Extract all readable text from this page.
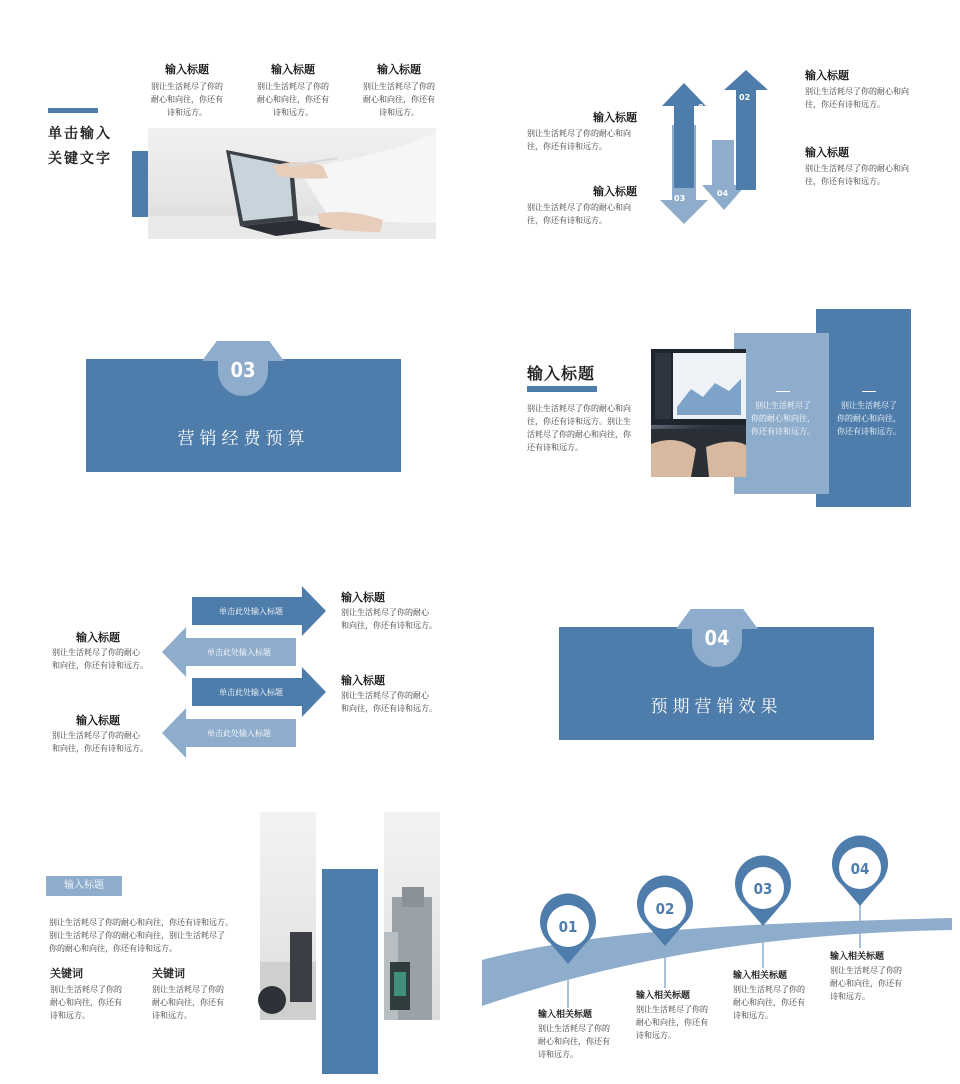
单击输入
关键文字
输入标题
别让生活耗尽了你的
耐心和向往，你还有
诗和远方。
输入标题
别让生活耗尽了你的
耐心和向往，你还有
诗和远方。
输入标题
别让生活耗尽了你的
耐心和向往，你还有
诗和远方。	输入标题
别让生活耗尽了你的耐心和向
往，你还有诗和远方。
输入标题
别让生活耗尽了你的耐心和向
往，你还有诗和远方。
输入标题
别让生活耗尽了你的耐心和向
往，你还有诗和远方。
输入标题
别让生活耗尽了你的耐心和向
往，你还有诗和远方。
01
02
03
04
03
营销经费预算
输入标题
别让生活耗尽了你的耐心和向
往，你还有诗和远方。别让生
活耗尽了你的耐心和向往，你
还有诗和远方。
别让生活耗尽了
你的耐心和向往，
你还有诗和远方。
别让生活耗尽了
你的耐心和向往，
你还有诗和远方。
单击此处输入标题
单击此处输入标题
单击此处输入标题
单击此处输入标题
输入标题
别让生活耗尽了你的耐心
和向往，你还有诗和远方。
输入标题
别让生活耗尽了你的耐心
和向往，你还有诗和远方。
输入标题
别让生活耗尽了你的耐心
和向往，你还有诗和远方。
输入标题
别让生活耗尽了你的耐心
和向往，你还有诗和远方。
04
预期营销效果
输入标题
别让生活耗尽了你的耐心和向往，你还有诗和远方。
别让生活耗尽了你的耐心和向往，别让生活耗尽了
你的耐心和向往，你还有诗和远方。
关键词
别让生活耗尽了你的
耐心和向往，你还有
诗和远方。
关键词
别让生活耗尽了你的
耐心和向往，你还有
诗和远方。
01
02
03
04
输入相关标题
别让生活耗尽了你的
耐心和向往，你还有
诗和远方。
输入相关标题
别让生活耗尽了你的
耐心和向往，你还有
诗和远方。
输入相关标题
别让生活耗尽了你的
耐心和向往，你还有
诗和远方。
输入相关标题
别让生活耗尽了你的
耐心和向往，你还有
诗和远方。
